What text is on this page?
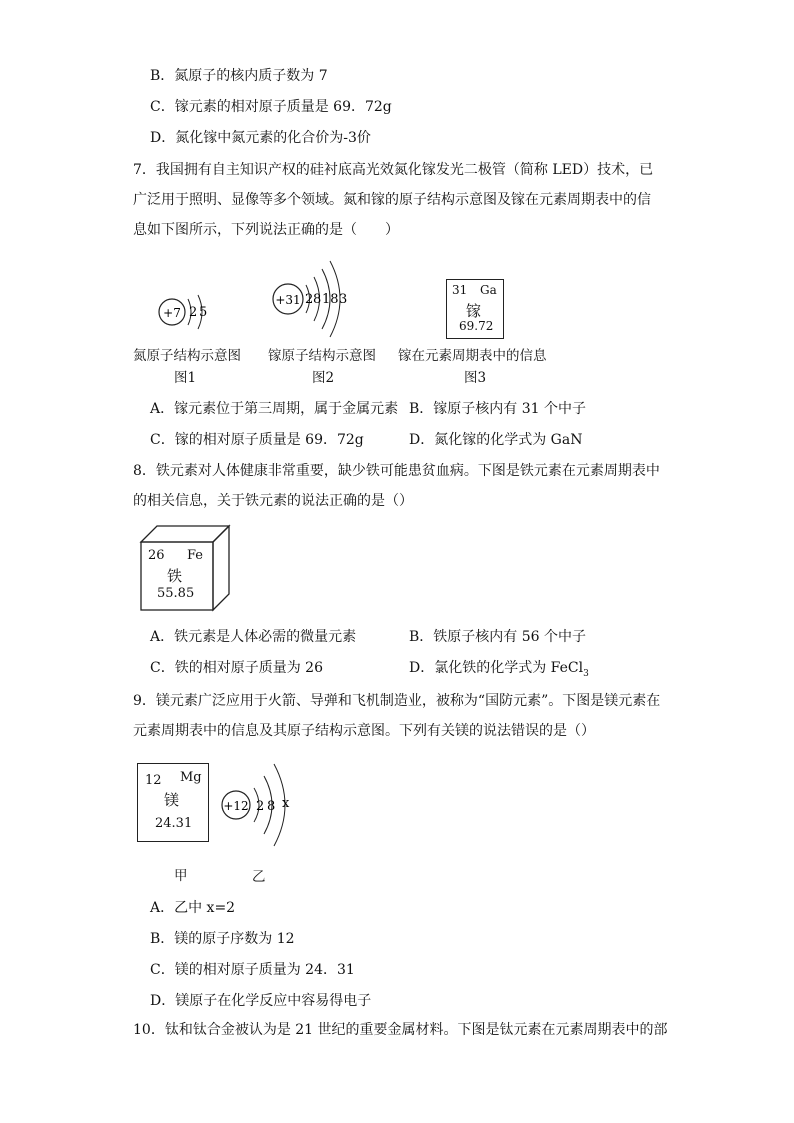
B．氮原子的核内质子数为 7
C．镓元素的相对原子质量是 69．72g
D．氮化镓中氮元素的化合价为-3价
7．我国拥有自主知识产权的硅衬底高光效氮化镓发光二极管（简称 LED）技术，已广泛用于照明、显像等多个领域。氮和镓的原子结构示意图及镓在元素周期表中的信息如下图所示，下列说法正确的是（　　）
+7 2 5
+31 2 8 18 3
31 Ga
镓
69.72
氮原子结构示意图 镓原子结构示意图 镓在元素周期表中的信息
图1	图2	图3
A．镓元素位于第三周期，属于金属元素 B．镓原子核内有 31 个中子
C．镓的相对原子质量是 69．72g	D．氮化镓的化学式为 GaN
8．铁元素对人体健康非常重要，缺少铁可能患贫血病。下图是铁元素在元素周期表中的相关信息，关于铁元素的说法正确的是（）
26 Fe
铁
55.85
A．铁元素是人体必需的微量元素	B．铁原子核内有 56 个中子
C．铁的相对原子质量为 26	D．氯化铁的化学式为 FeCl$_3$
9．镁元素广泛应用于火箭、导弹和飞机制造业，被称为“国防元素”。下图是镁元素在元素周期表中的信息及其原子结构示意图。下列有关镁的说法错误的是（）
12 Mg
镁
24.31
+12 2 8 x
甲	乙
A．乙中 x=2
B．镁的原子序数为 12
C．镁的相对原子质量为 24．31
D．镁原子在化学反应中容易得电子
10．钛和钛合金被认为是 21 世纪的重要金属材料。下图是钛元素在元素周期表中的部
